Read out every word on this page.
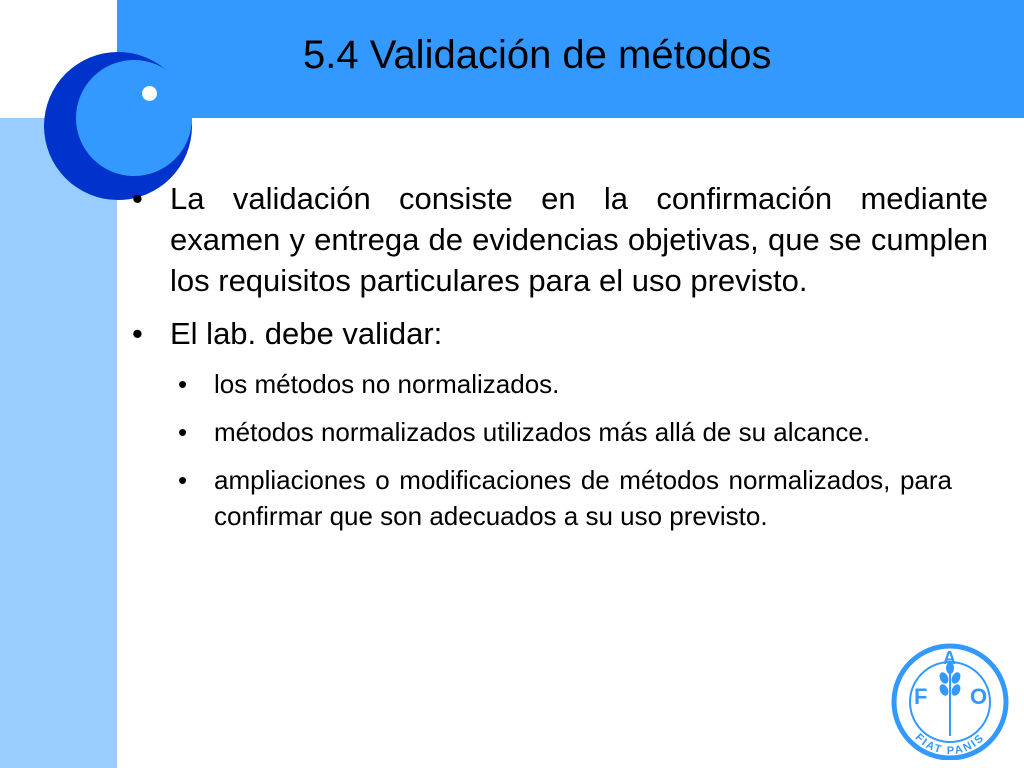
5.4 Validación de métodos
• La validación consiste en la confirmación mediante examen y entrega de evidencias objetivas, que se cumplen los requisitos particulares para el uso previsto.
• El lab. debe validar:
• los métodos no normalizados.
• métodos normalizados utilizados más allá de su alcance.
• ampliaciones o modificaciones de métodos normalizados, para confirmar que son adecuados a su uso previsto.
F
A
O
FIAT PANIS
